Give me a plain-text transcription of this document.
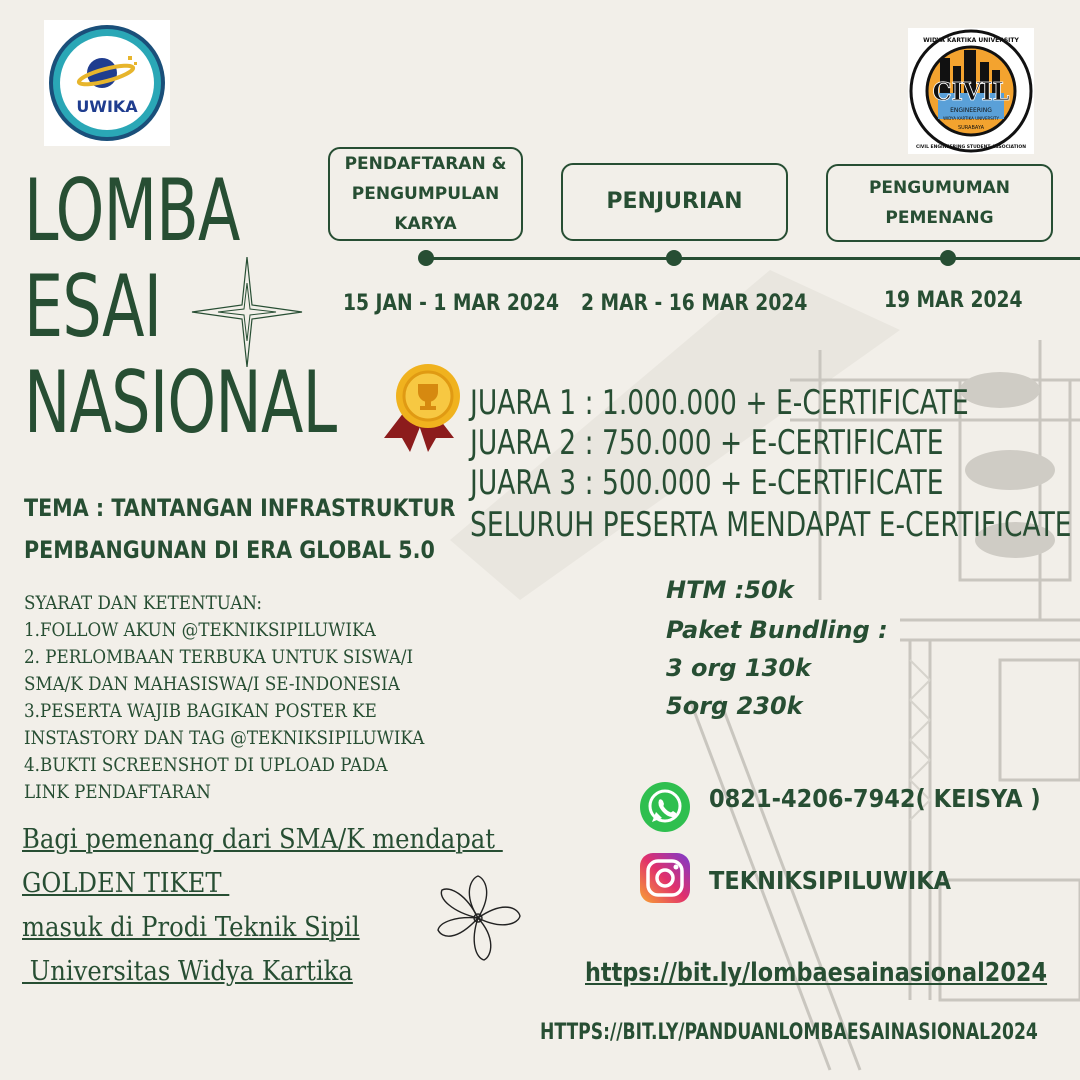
UWIKA
CIVIL
ENGINEERING
WIDYA KARTIKA UNIVERSITY
SURABAYA
WIDYA KARTIKA UNIVERSITY
CIVIL ENGINEERING STUDENT ASSOCIATION
LOMBA
ESAI
NASIONAL
PENDAFTARAN &
PENGUMPULAN KARYA
PENJURIAN
PENGUMUMAN
PEMENANG
15 JAN - 1 MAR 2024 2 MAR - 16 MAR 2024	19 MAR 2024
JUARA 1 : 1.000.000 + E-CERTIFICATE
JUARA 2 : 750.000 + E-CERTIFICATE
JUARA 3 : 500.000 + E-CERTIFICATE
SELURUH PESERTA MENDAPAT E-CERTIFICATE
TEMA : TANTANGAN INFRASTRUKTUR
PEMBANGUNAN DI ERA GLOBAL 5.0
SYARAT DAN KETENTUAN:
1.FOLLOW AKUN @TEKNIKSIPILUWIKA
2. PERLOMBAAN TERBUKA UNTUK SISWA/I
SMA/K DAN MAHASISWA/I SE-INDONESIA
3.PESERTA WAJIB BAGIKAN POSTER KE
INSTASTORY DAN TAG @TEKNIKSIPILUWIKA
4.BUKTI SCREENSHOT DI UPLOAD PADA
LINK PENDAFTARAN
Bagi pemenang dari SMA/K mendapat
GOLDEN TIKET
masuk di Prodi Teknik Sipil
Universitas Widya Kartika
HTM :50k
Paket Bundling :
3 org 130k
5org 230k
0821-4206-7942( KEISYA )
TEKNIKSIPILUWIKA
https://bit.ly/lombaesainasional2024
HTTPS://BIT.LY/PANDUANLOMBAESAINASIONAL2024
